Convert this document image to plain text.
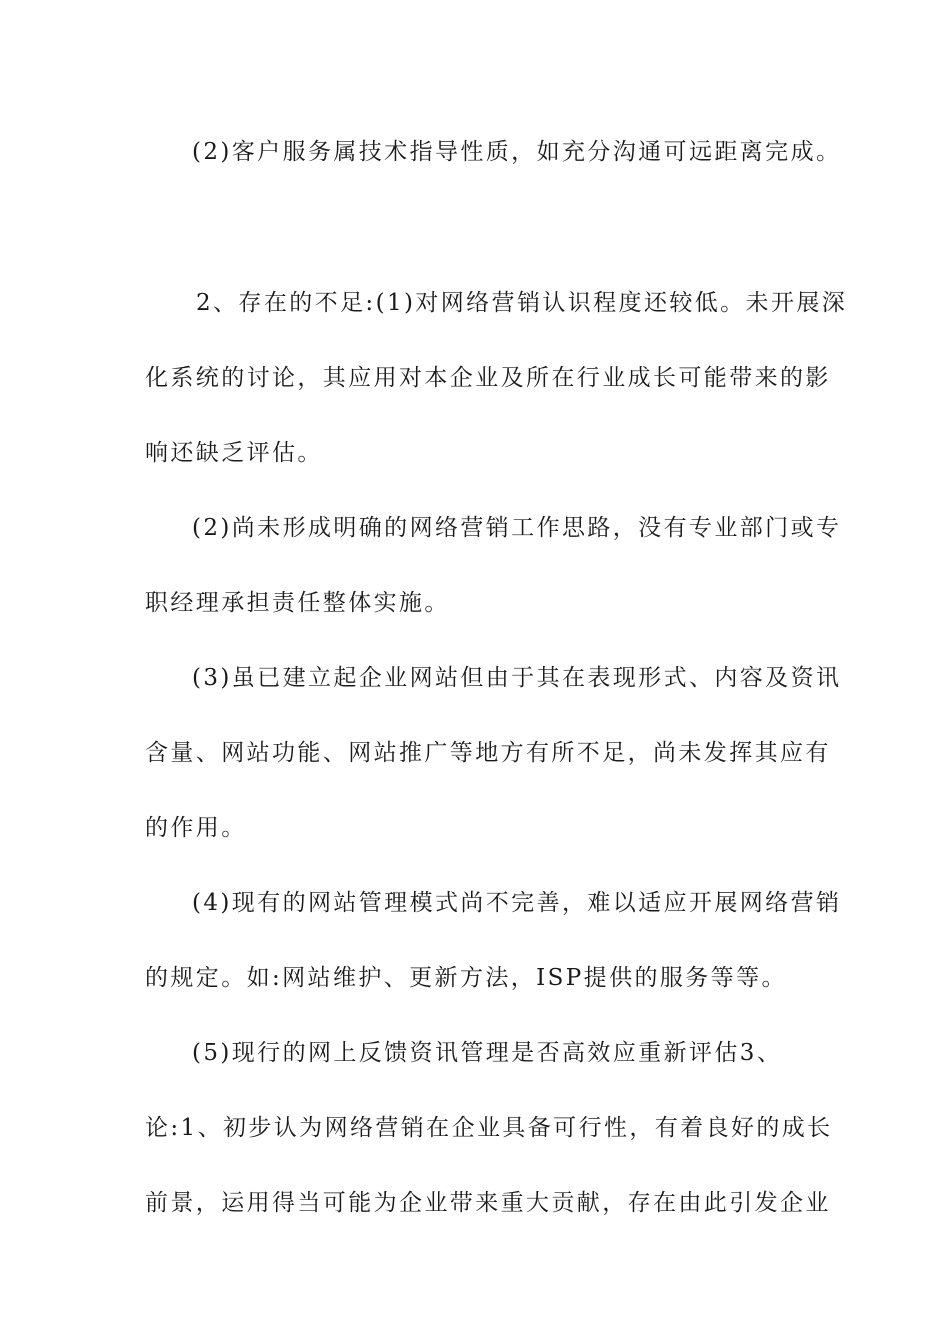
(2)客户服务属技术指导性质，如充分沟通可远距离完成。
2、存在的不足:(1)对网络营销认识程度还较低。未开展深
化系统的讨论，其应用对本企业及所在行业成长可能带来的影
响还缺乏评估。
(2)尚未形成明确的网络营销工作思路，没有专业部门或专
职经理承担责任整体实施。
(3)虽已建立起企业网站但由于其在表现形式、内容及资讯
含量、网站功能、网站推广等地方有所不足，尚未发挥其应有
的作用。
(4)现有的网站管理模式尚不完善，难以适应开展网络营销
的规定。如:网站维护、更新方法，ISP提供的服务等等。
(5)现行的网上反馈资讯管理是否高效应重新评估3、
论:1、初步认为网络营销在企业具备可行性，有着良好的成长
前景，运用得当可能为企业带来重大贡献，存在由此引发企业
